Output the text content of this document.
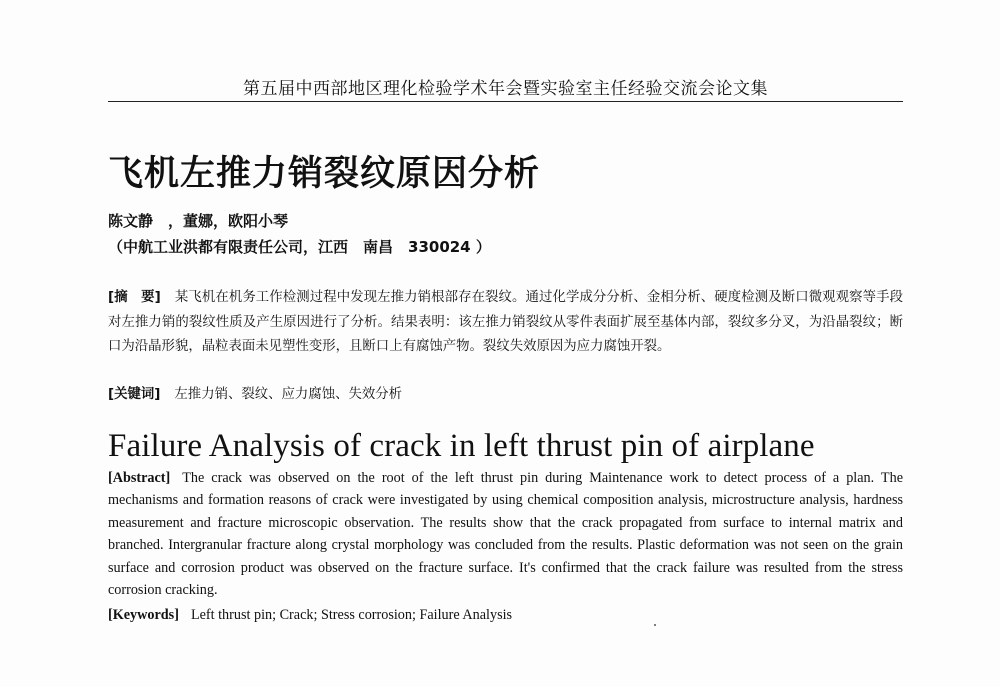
第五届中西部地区理化检验学术年会暨实验室主任经验交流会论文集
飞机左推力销裂纹原因分析
陈文静　，董娜，欧阳小琴
（中航工业洪都有限责任公司，江西　南昌　330024 ）
[摘　要] 某飞机在机务工作检测过程中发现左推力销根部存在裂纹。通过化学成分分析、金相分析、硬度检测及断口微观观察等手段对左推力销的裂纹性质及产生原因进行了分析。结果表明：该左推力销裂纹从零件表面扩展至基体内部，裂纹多分叉，为沿晶裂纹；断口为沿晶形貌，晶粒表面未见塑性变形，且断口上有腐蚀产物。裂纹失效原因为应力腐蚀开裂。
[关键词] 左推力销、裂纹、应力腐蚀、失效分析
Failure Analysis of crack in left thrust pin of airplane
[Abstract] The crack was observed on the root of the left thrust pin during Maintenance work to detect process of a plan. The mechanisms and formation reasons of crack were investigated by using chemical composition analysis, microstructure analysis, hardness measurement and fracture microscopic observation. The results show that the crack propagated from surface to internal matrix and branched. Intergranular fracture along crystal morphology was concluded from the results. Plastic deformation was not seen on the grain surface and corrosion product was observed on the fracture surface. It's confirmed that the crack failure was resulted from the stress corrosion cracking.
[Keywords] Left thrust pin; Crack; Stress corrosion; Failure Analysis
